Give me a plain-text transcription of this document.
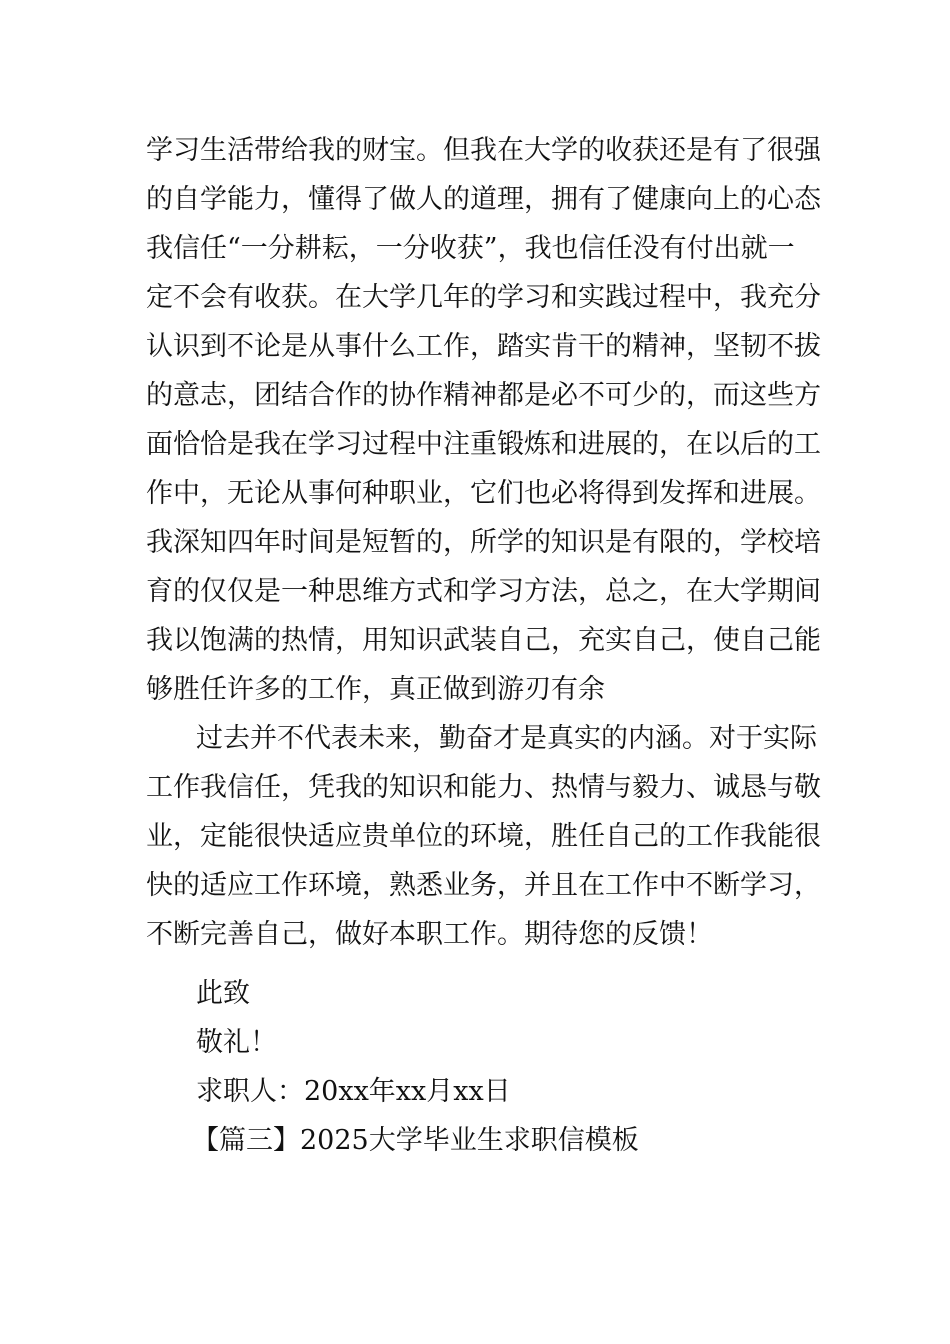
学习生活带给我的财宝。但我在大学的收获还是有了很强
的自学能力，懂得了做人的道理，拥有了健康向上的心态
我信任“一分耕耘，一分收获”，我也信任没有付出就一
定不会有收获。在大学几年的学习和实践过程中，我充分
认识到不论是从事什么工作，踏实肯干的精神，坚韧不拔
的意志，团结合作的协作精神都是必不可少的，而这些方
面恰恰是我在学习过程中注重锻炼和进展的，在以后的工
作中，无论从事何种职业，它们也必将得到发挥和进展。
我深知四年时间是短暂的，所学的知识是有限的，学校培
育的仅仅是一种思维方式和学习方法，总之，在大学期间
我以饱满的热情，用知识武装自己，充实自己，使自己能
够胜任许多的工作，真正做到游刃有余
过去并不代表未来，勤奋才是真实的内涵。对于实际
工作我信任，凭我的知识和能力、热情与毅力、诚恳与敬
业，定能很快适应贵单位的环境，胜任自己的工作我能很
快的适应工作环境，熟悉业务，并且在工作中不断学习，
不断完善自己，做好本职工作。期待您的反馈！
此致
敬礼！
求职人：20xx年xx月xx日
【篇三】2025大学毕业生求职信模板
